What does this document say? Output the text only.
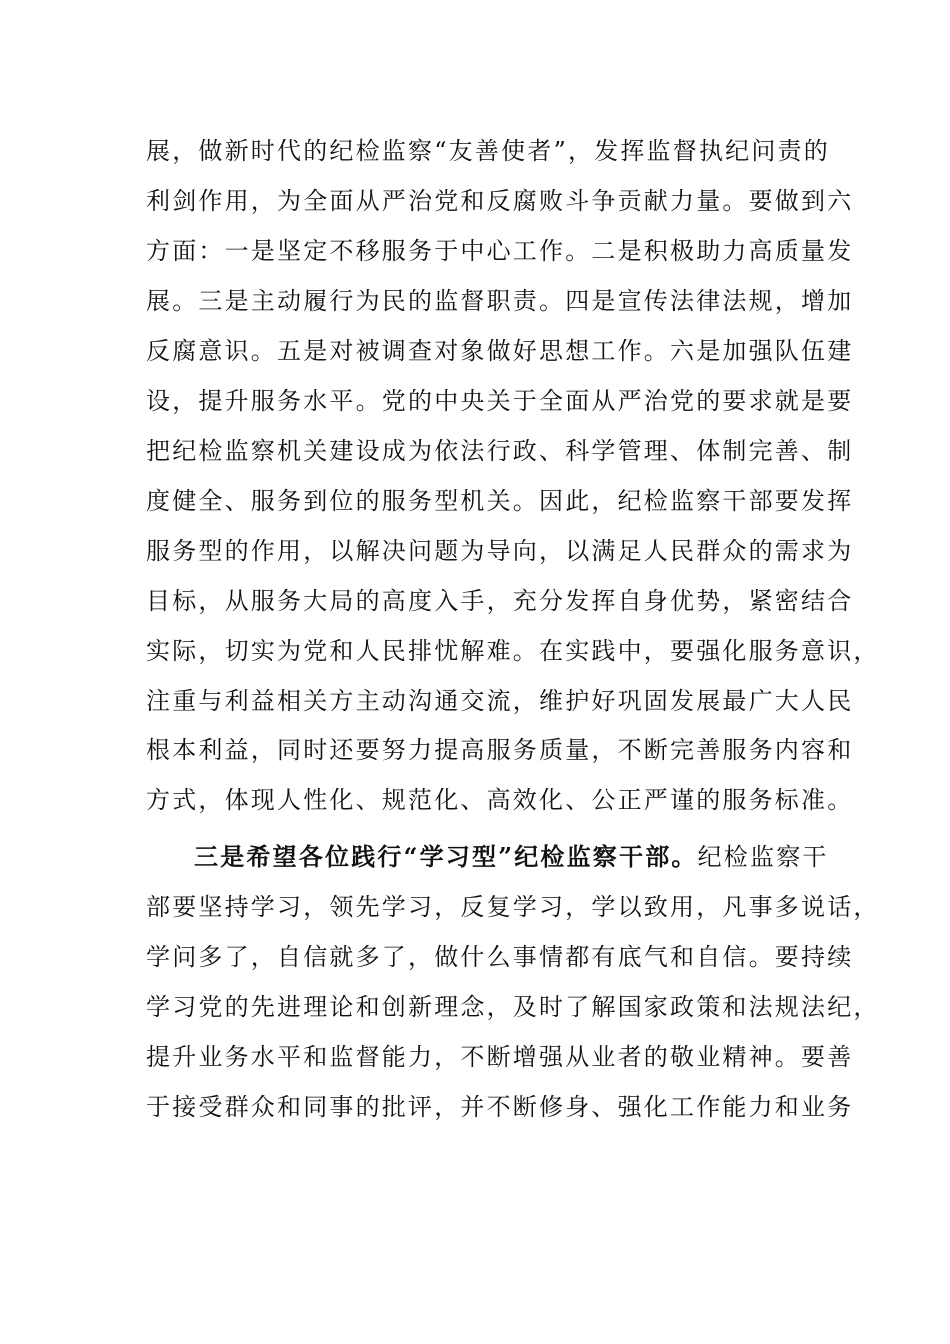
展，做新时代的纪检监察“友善使者”，发挥监督执纪问责的
利剑作用，为全面从严治党和反腐败斗争贡献力量。要做到六
方面：一是坚定不移服务于中心工作。二是积极助力高质量发
展。三是主动履行为民的监督职责。四是宣传法律法规，增加
反腐意识。五是对被调查对象做好思想工作。六是加强队伍建
设，提升服务水平。党的中央关于全面从严治党的要求就是要
把纪检监察机关建设成为依法行政、科学管理、体制完善、制
度健全、服务到位的服务型机关。因此，纪检监察干部要发挥
服务型的作用，以解决问题为导向，以满足人民群众的需求为
目标，从服务大局的高度入手，充分发挥自身优势，紧密结合
实际，切实为党和人民排忧解难。在实践中，要强化服务意识，
注重与利益相关方主动沟通交流，维护好巩固发展最广大人民
根本利益，同时还要努力提高服务质量，不断完善服务内容和
方式，体现人性化、规范化、高效化、公正严谨的服务标准。
三是希望各位践行“学习型”纪检监察干部。纪检监察干
部要坚持学习，领先学习，反复学习，学以致用，凡事多说话，
学问多了，自信就多了，做什么事情都有底气和自信。要持续
学习党的先进理论和创新理念，及时了解国家政策和法规法纪，
提升业务水平和监督能力，不断增强从业者的敬业精神。要善
于接受群众和同事的批评，并不断修身、强化工作能力和业务
